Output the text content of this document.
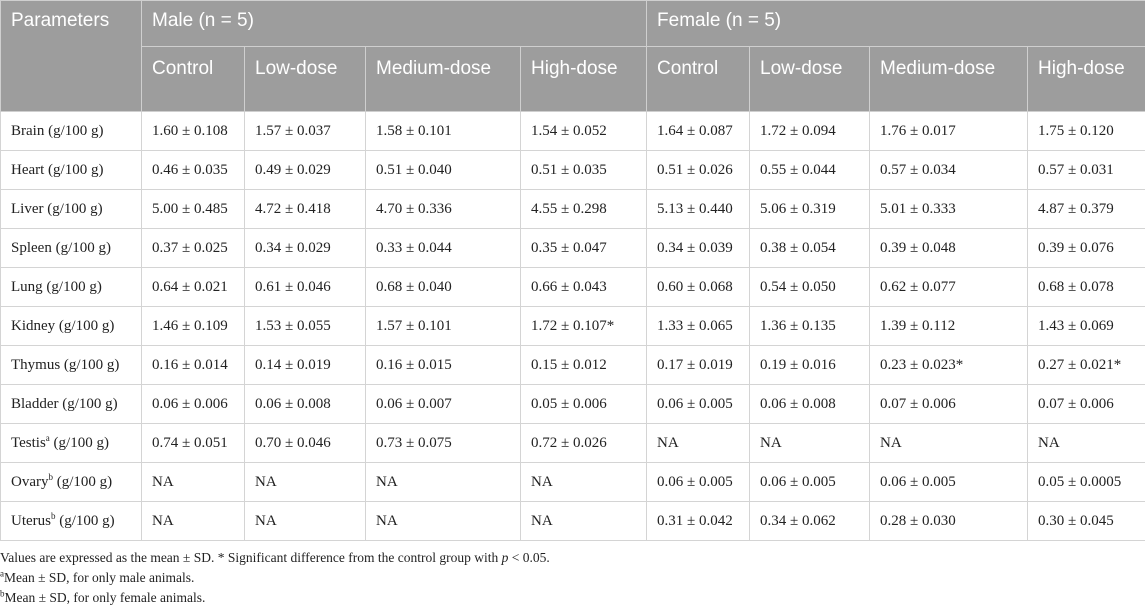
Parameters	Male (n = 5)				Female (n = 5)			
	Control	Low-dose	Medium-dose	High-dose	Control	Low-dose	Medium-dose	High-dose
Brain (g/100 g)	1.60 ± 0.108	1.57 ± 0.037	1.58 ± 0.101	1.54 ± 0.052	1.64 ± 0.087	1.72 ± 0.094	1.76 ± 0.017	1.75 ± 0.120
Heart (g/100 g)	0.46 ± 0.035	0.49 ± 0.029	0.51 ± 0.040	0.51 ± 0.035	0.51 ± 0.026	0.55 ± 0.044	0.57 ± 0.034	0.57 ± 0.031
Liver (g/100 g)	5.00 ± 0.485	4.72 ± 0.418	4.70 ± 0.336	4.55 ± 0.298	5.13 ± 0.440	5.06 ± 0.319	5.01 ± 0.333	4.87 ± 0.379
Spleen (g/100 g)	0.37 ± 0.025	0.34 ± 0.029	0.33 ± 0.044	0.35 ± 0.047	0.34 ± 0.039	0.38 ± 0.054	0.39 ± 0.048	0.39 ± 0.076
Lung (g/100 g)	0.64 ± 0.021	0.61 ± 0.046	0.68 ± 0.040	0.66 ± 0.043	0.60 ± 0.068	0.54 ± 0.050	0.62 ± 0.077	0.68 ± 0.078
Kidney (g/100 g)	1.46 ± 0.109	1.53 ± 0.055	1.57 ± 0.101	1.72 ± 0.107*	1.33 ± 0.065	1.36 ± 0.135	1.39 ± 0.112	1.43 ± 0.069
Thymus (g/100 g)	0.16 ± 0.014	0.14 ± 0.019	0.16 ± 0.015	0.15 ± 0.012	0.17 ± 0.019	0.19 ± 0.016	0.23 ± 0.023*	0.27 ± 0.021*
Bladder (g/100 g)	0.06 ± 0.006	0.06 ± 0.008	0.06 ± 0.007	0.05 ± 0.006	0.06 ± 0.005	0.06 ± 0.008	0.07 ± 0.006	0.07 ± 0.006
Testis$^a$ (g/100 g)	0.74 ± 0.051	0.70 ± 0.046	0.73 ± 0.075	0.72 ± 0.026	NA	NA	NA	NA
Ovary$^b$ (g/100 g)	NA	NA	NA	NA	0.06 ± 0.005	0.06 ± 0.005	0.06 ± 0.005	0.05 ± 0.0005
Uterus$^b$ (g/100 g)	NA	NA	NA	NA	0.31 ± 0.042	0.34 ± 0.062	0.28 ± 0.030	0.30 ± 0.045
Values are expressed as the mean ± SD. * Significant difference from the control group with p < 0.05.
$^a$Mean ± SD, for only male animals.
$^b$Mean ± SD, for only female animals.
